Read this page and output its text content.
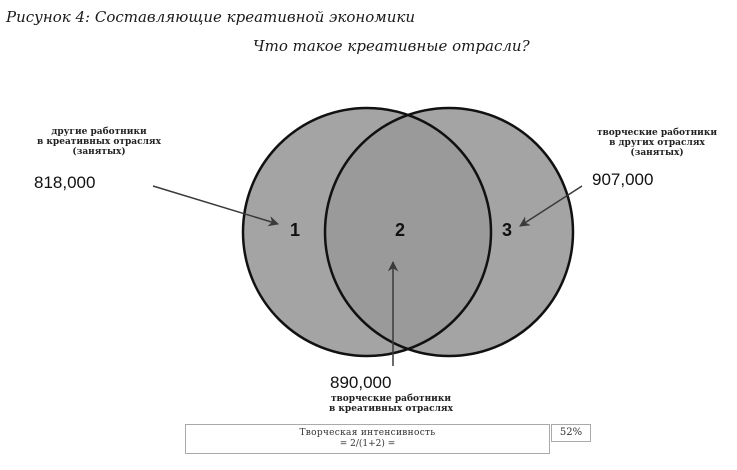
Рисунок 4: Составляющие креативной экономики
Что такое креативные отрасли?
другие работники
в креативных отраслях
(занятых)
818,000
1	2
творческие работники
в других отраслях
(занятых)
907,000
3
890,000
творческие работники
в креативных отраслях
Творческая интенсивность
= 2/(1+2) =
52%
